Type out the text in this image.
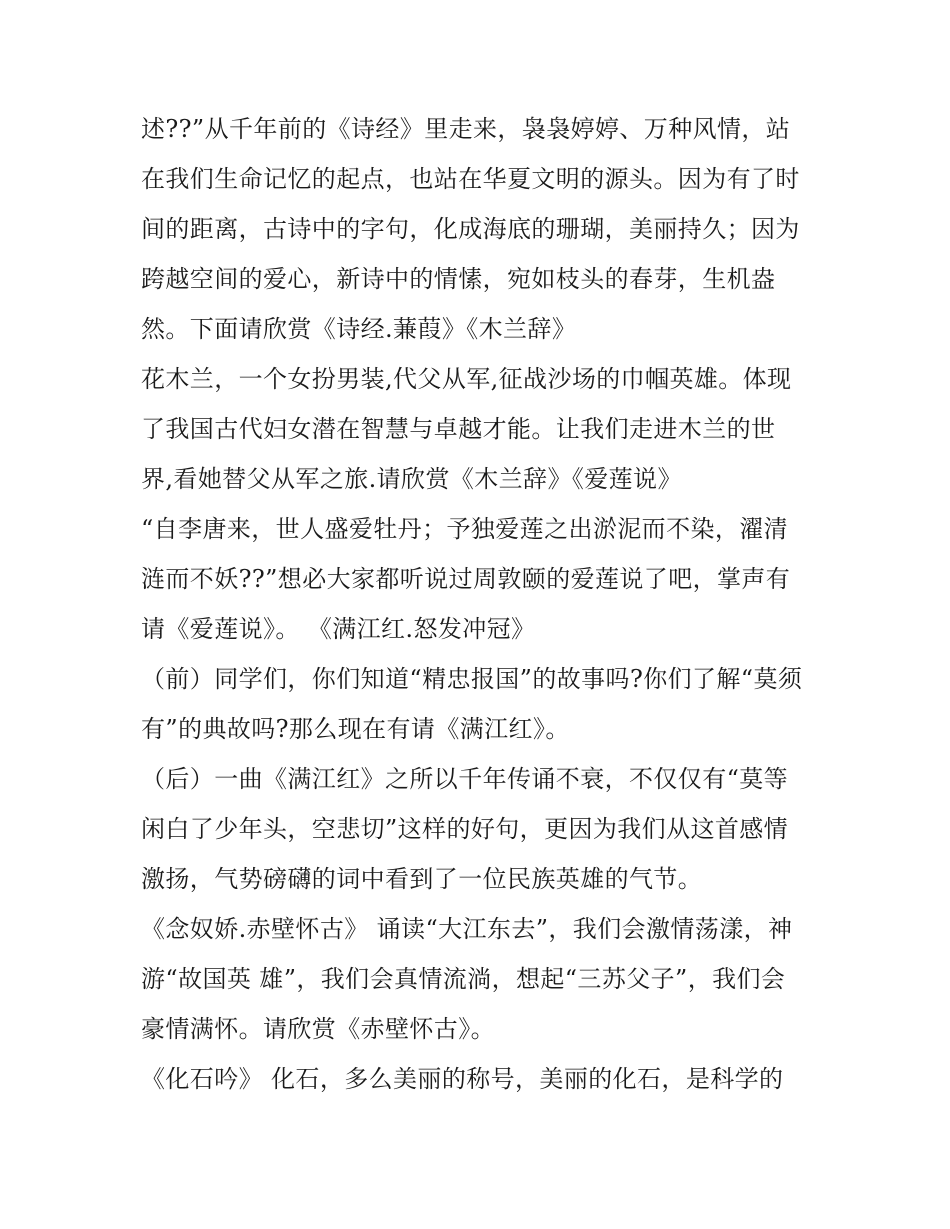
述??”从千年前的《诗经》里走来，袅袅婷婷、万种风情，站
在我们生命记忆的起点，也站在华夏文明的源头。因为有了时
间的距离，古诗中的字句，化成海底的珊瑚，美丽持久；因为
跨越空间的爱心，新诗中的情愫，宛如枝头的春芽，生机盎
然。下面请欣赏《诗经.蒹葭》《木兰辞》
花木兰，一个女扮男装,代父从军,征战沙场的巾帼英雄。体现
了我国古代妇女潜在智慧与卓越才能。让我们走进木兰的世
界,看她替父从军之旅.请欣赏《木兰辞》《爱莲说》
“自李唐来，世人盛爱牡丹；予独爱莲之出淤泥而不染，濯清
涟而不妖??”想必大家都听说过周敦颐的爱莲说了吧，掌声有
请《爱莲说》。 《满江红.怒发冲冠》
（前）同学们，你们知道“精忠报国”的故事吗?你们了解“莫须
有”的典故吗?那么现在有请《满江红》。
（后）一曲《满江红》之所以千年传诵不衰，不仅仅有“莫等
闲白了少年头，空悲切”这样的好句，更因为我们从这首感情
激扬，气势磅礴的词中看到了一位民族英雄的气节。
《念奴娇.赤壁怀古》 诵读“大江东去”，我们会激情荡漾，神
游“故国英 雄”，我们会真情流淌，想起“三苏父子”，我们会
豪情满怀。请欣赏《赤壁怀古》。
《化石吟》 化石，多么美丽的称号，美丽的化石，是科学的
